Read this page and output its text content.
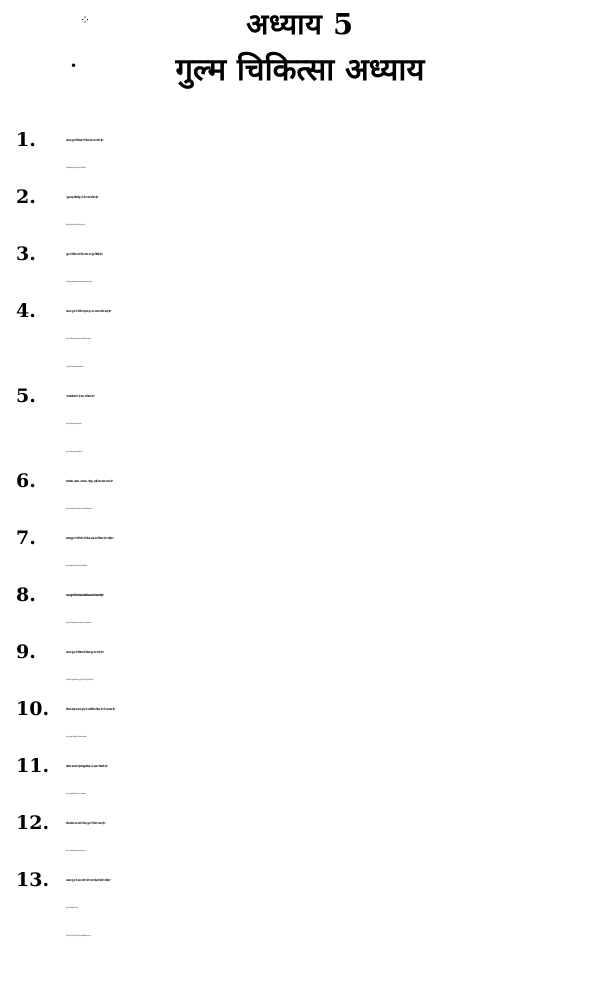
⁘
•
अध्याय 5
गुल्म चिकित्सा अध्याय
1.	वातज गुल्म चिकित्सा में किस तैल का वर्णन है?
(क) सर्षप (ख) एरण्ड (ग) तिल (घ) ज्योतिष्मती
2.	‘शूलानाह विबन्धेषु’ में क्या कर्म उचित है?
(क) बस्ति (ख) फलवर्ति (ग) विरेचन (घ) वमन
3.	गुल्म में विरेचन के लिए कौन सा घृत निर्दिष्ट है?
(क) तिल्वक घृत (ख) त्रिफला घृत (ग) आरग्वध घृत (घ) दन्ती घृत
4.	वातज गुल्म में वर्णित षट्पल घृत का अन्यत्र वर्णन कहां है?
(क) ज्वर चिकित्सा प्रकरण (ख) राजयक्ष्मा चिकित्सा प्रकरण
(ग) कामला चिकित्सा (घ) प्रमेह चिकित्सा
5.	‘धान्वतरीयाणां’ से क्या अभिप्राय है?
(क) धन्वन्तरि (ख) धन्वन्तरि वंश के वैद्य
(ग) धन्वन्तरि के गुरु (घ) उक्त कोई नहीं
6.	एरण्डतैल, प्रसन्ना, आरनाल, गोमूत्र...इन्हें क्या कहा जाता है?
(क) पञ्चपञ्चक (ख) पञ्चांग (ग) तैल पञ्चक (घ) मिश्रक स्नेह
7.	रक्तजगुल्म में रोगिणी को किस तरह का विरेचन देना चाहिए?
(क) रूक्ष (ख) स्नेह युक्त विरेचन (ग) क्षीर (घ) त्रिवृत्त
8.	कफज गुल्म में रोगी को प्यास लगने पर किसका प्रयोग करना चाहिए?
(क) षडंग पानीय (ख) उष्ण जल (ग) शीत जल (घ) वारुणी रस
9.	कफज गुल्म में विरेचनार्थ किस घृत का वर्णन है?
(क) त्रिवासा घृत (ख) त्रिफला घृत (ग) नीलिनी घृत (घ) वारुणी घृत
10.	मिश्रक स्नेह कफज गुल्म के अतिरिक्त किस रोग में लाभकर है?
(क) ज्वर (ख) योनिशूल (ग) उरःक्षत (घ) उरुस्तम्भ
11.	संचितः क्रमशो महावास्तुपरिग्रहः..ये लक्षण किसके हैं?
(क) वातज (ख) पित्तज (ग) कफज (घ) असाध्य
12.	शिलाजीत का प्रयोग किस गुल्म में किया जाता है?
(क) वातज (ख) पित्तज (ग) कफज (घ) रक्तज
13.	रक्तज गुल्म में क्षार प्रयोग की मात्रा कितनी होनी चाहिए?
(क) एक तोला (ख) दो ताला
(ग) तीन तोला (घ) उतनी जिसमें गुल्म में शिथिलता आ जाए
